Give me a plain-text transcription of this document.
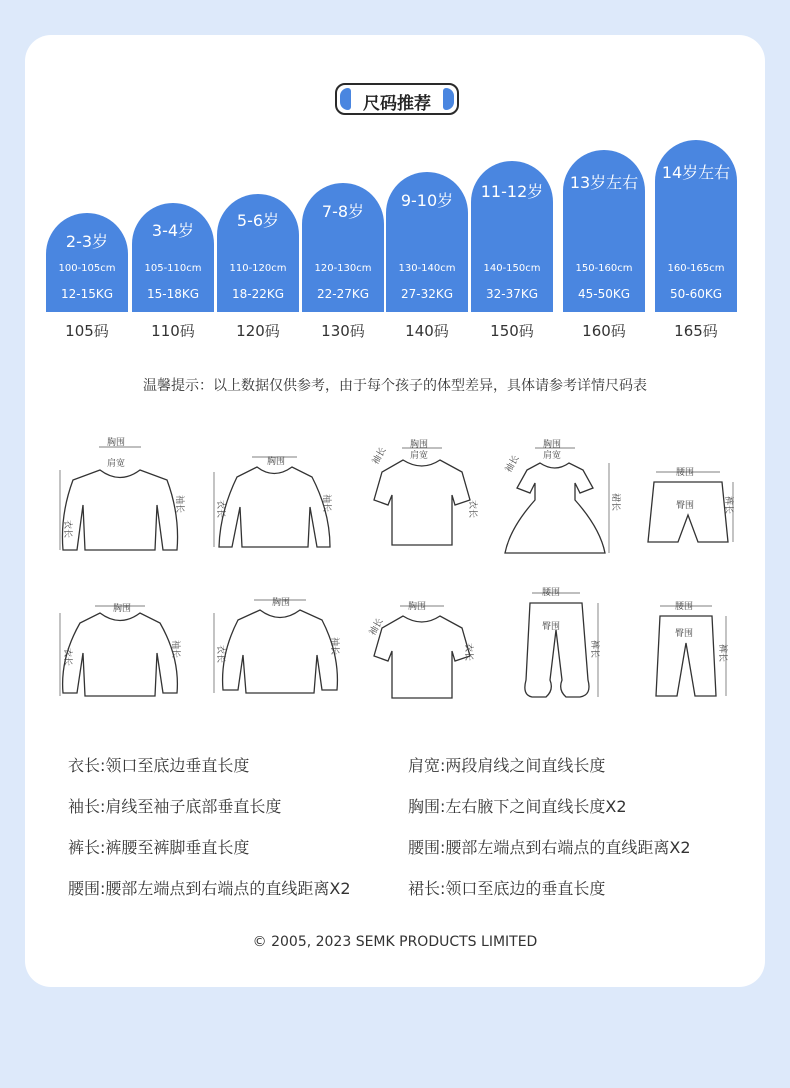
尺码推荐
2-3岁
100-105cm
12-15KG
105码
3-4岁
105-110cm
15-18KG
110码
5-6岁
110-120cm
18-22KG
120码
7-8岁
120-130cm
22-27KG
130码
9-10岁
130-140cm
27-32KG
140码
11-12岁
140-150cm
32-37KG
150码
13岁左右
150-160cm
45-50KG
160码
14岁左右
160-165cm
50-60KG
165码
温馨提示：以上数据仅供参考，由于每个孩子的体型差异，具体请参考详情尺码表
胸围
肩宽
衣长
袖长
胸围
衣长	袖长
胸围
肩宽
袖长
衣长
胸围
肩宽
袖长
裙长
腰围
臀围	裤长
胸围
衣长	袖长
胸围
衣长	袖长
胸围
袖长
衣长
腰围
臀围
裤长
腰围
臀围
裤长
衣长:领口至底边垂直长度
袖长:肩线至袖子底部垂直长度
裤长:裤腰至裤脚垂直长度
腰围:腰部左端点到右端点的直线距离X2
肩宽:两段肩线之间直线长度
胸围:左右腋下之间直线长度X2
腰围:腰部左端点到右端点的直线距离X2
裙长:领口至底边的垂直长度
© 2005, 2023 SEMK PRODUCTS LIMITED
